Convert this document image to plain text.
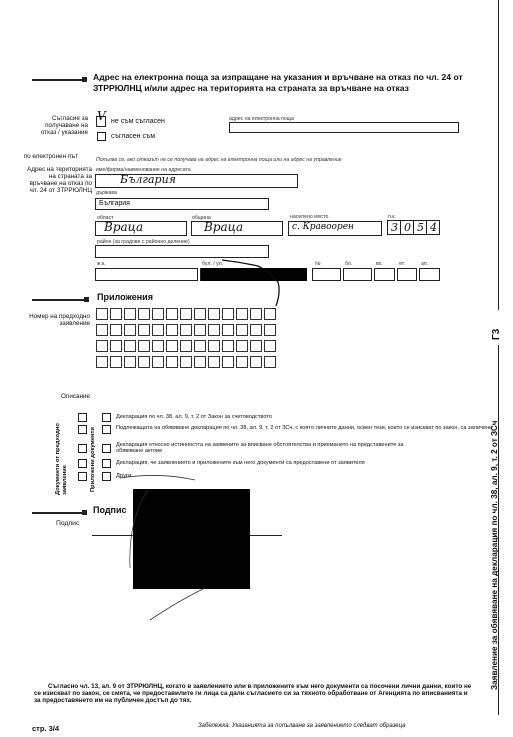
Г3
Заявление за обявяване на декларация по чл. 38, ал. 9, т. 2 от ЗСч
Адрес на електронна поща за изпращане на указания и връчване на отказ по чл. 24 от ЗТРРЮЛНЦ и/или адрес на територията на страната за връчване на отказ
Съгласие за получаване на отказ / указание
V не съм съгласен
съгласен съм
адрес на електронна поща
по електронен път	Попълва се, ако отказът не се получава на адрес на електронна поща или на адрес на управление
Адрес на територията на страната за връчване на отказ по чл. 24 от ЗТРРЮЛНЦ
име/фирма/наименование на адресата
България
държава
България
област
Враца
община
Враца
населено място
с. Кравоорен
п.к.
3 0 5 4
район (за градове с районно деление)
ж.к.	бул. / ул.	№	бл.	вх.	ет.	ап.
Приложения
Номер на предходно заявление
Описание
Документи от предходно заявление	Приложени документи
Декларация по чл. 38, ал. 9, т. 2 от Закон за счетоводството
Подлежащата на обявяване декларация по чл. 38, ал. 9, т. 2 от ЗСч, с която личните данни, освен тези, които се изискват по закон, са заличени
Декларация относно истинността на заявените за вписване обстоятелства и приемането на представените за обявяване актове
Декларация, че заявлението и приложените към него документи са предоставени от заявителя
Други
Подпис
Подпис
Съгласно чл. 13, ал. 9 от ЗТРРЮЛНЦ, когато в заявлението или в приложените към него документи са посочени лични данни, които не се изискват по закон, се смята, че предоставилите ги лица са дали съгласието си за тяхното обработване от Агенцията по вписванията и за предоставянето им на публичен достъп до тях.
стр. 3/4	Забележка: Указанията за попълване за заявлението следват образеца
